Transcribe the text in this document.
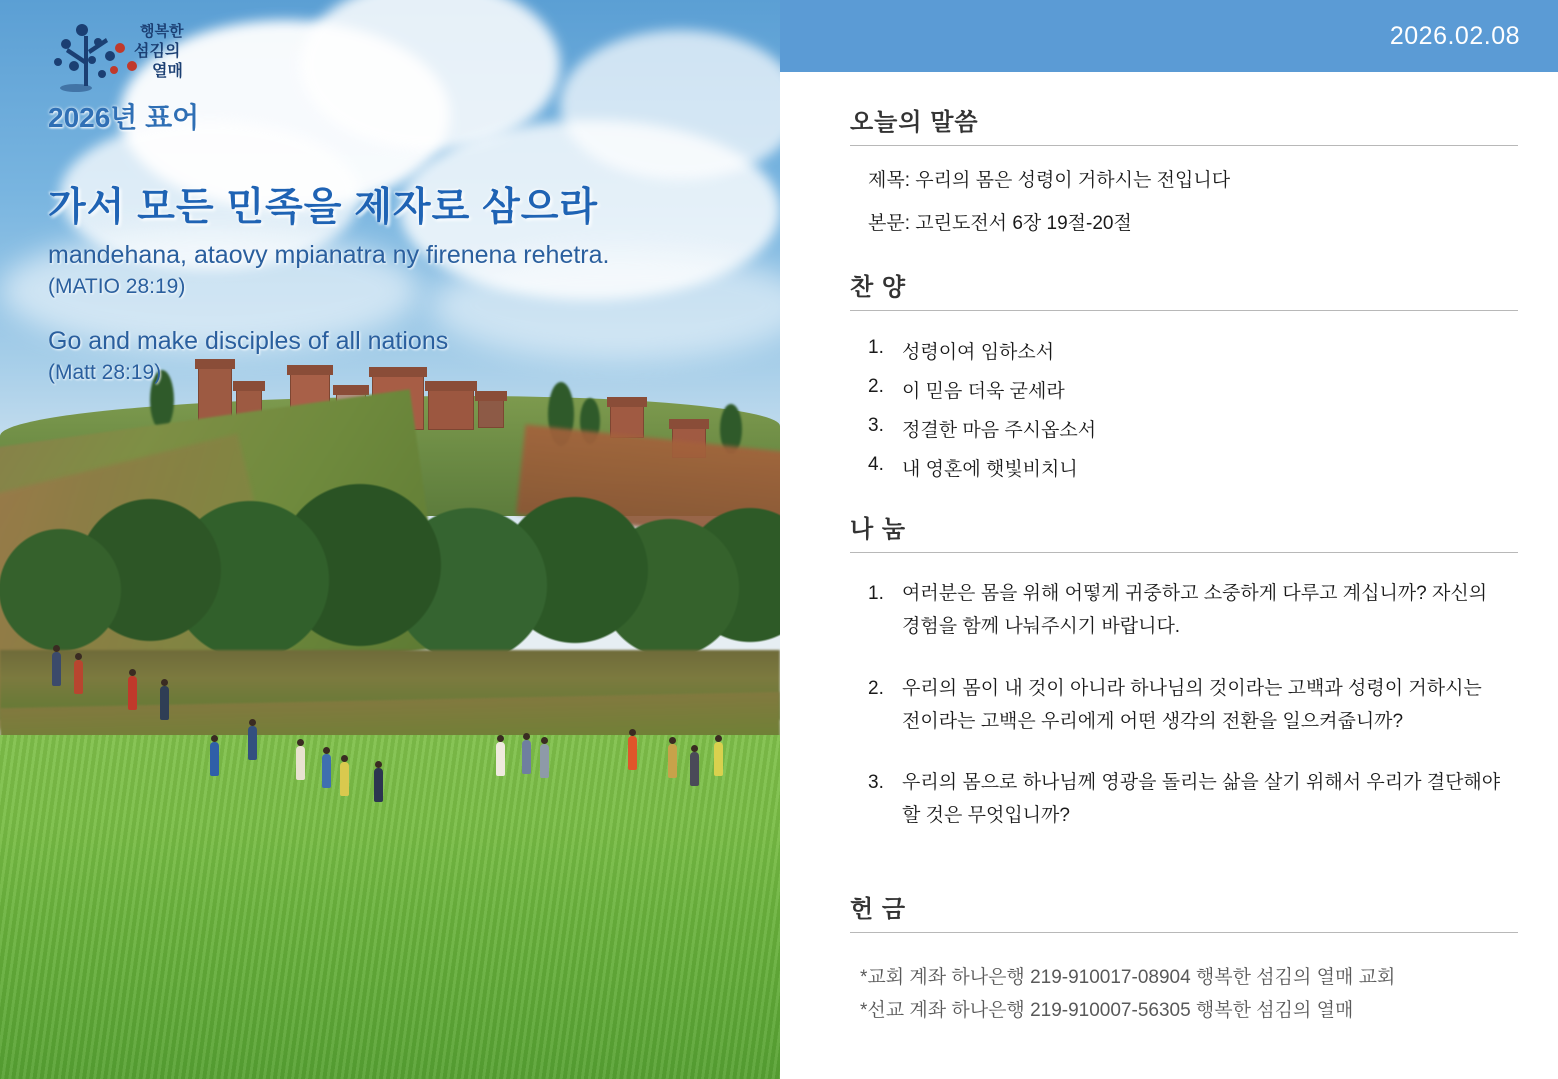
행복한
섬김의
열매
2026년 표어
가서 모든 민족을 제자로 삼으라
mandehana, ataovy mpianatra ny firenena rehetra.
(MATIO 28:19)
Go and make disciples of all nations
(Matt 28:19)
2026.02.08
오늘의 말씀
제목: 우리의 몸은 성령이 거하시는 전입니다
본문: 고린도전서 6장 19절-20절
찬 양
1. 성령이여 임하소서
2. 이 믿음 더욱 굳세라
3. 정결한 마음 주시옵소서
4. 내 영혼에 햇빛비치니
나 눔
1. 여러분은 몸을 위해 어떻게 귀중하고 소중하게 다루고 계십니까? 자신의 경험을 함께 나눠주시기 바랍니다.
2. 우리의 몸이 내 것이 아니라 하나님의 것이라는 고백과 성령이 거하시는 전이라는 고백은 우리에게 어떤 생각의 전환을 일으켜줍니까?
3. 우리의 몸으로 하나님께 영광을 돌리는 삶을 살기 위해서 우리가 결단해야 할 것은 무엇입니까?
헌 금
*교회 계좌 하나은행 219-910017-08904 행복한 섬김의 열매 교회
*선교 계좌 하나은행 219-910007-56305 행복한 섬김의 열매
